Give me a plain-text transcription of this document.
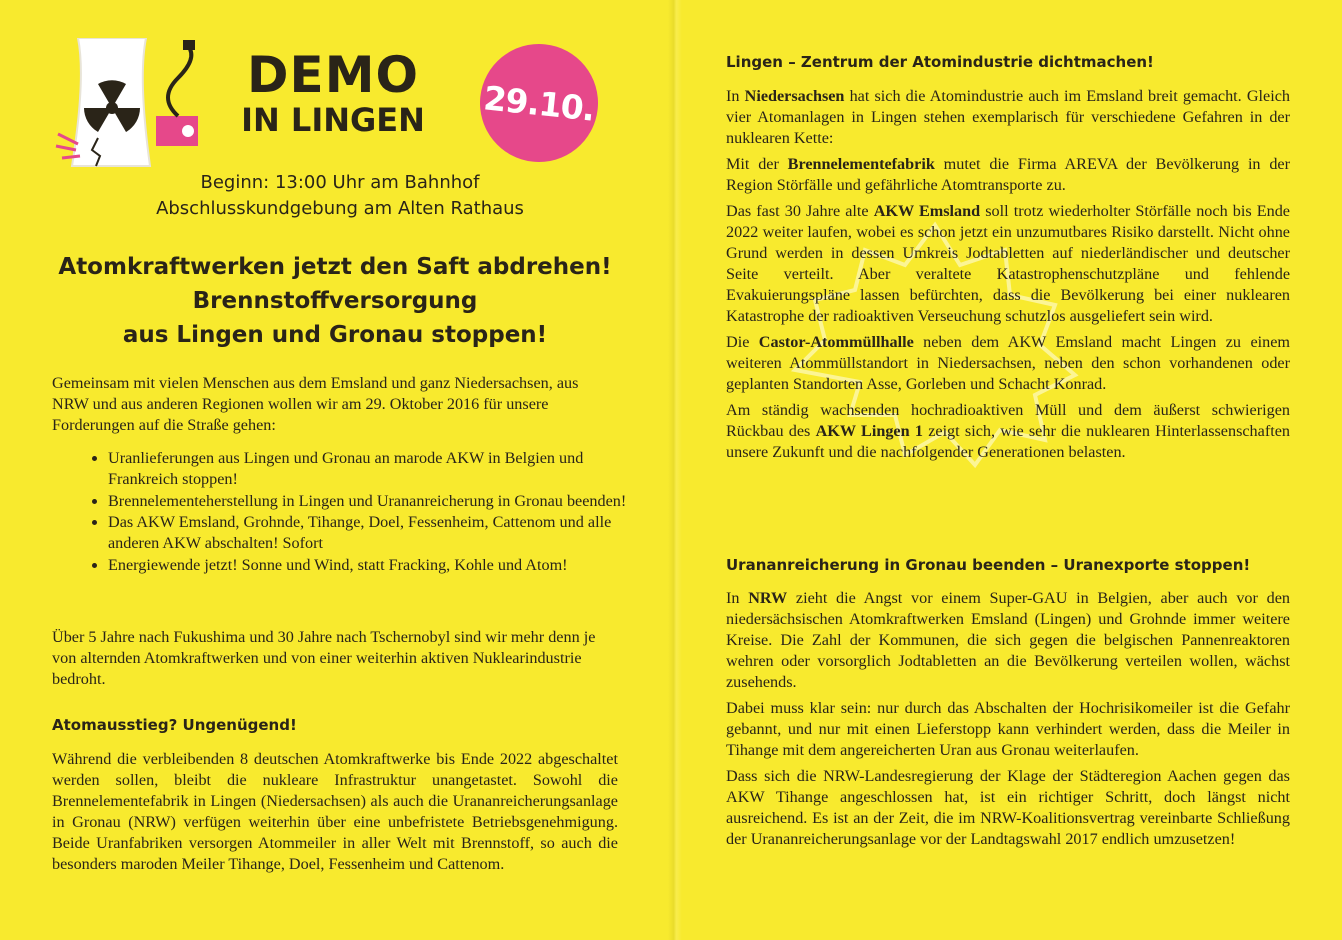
DEMO
IN LINGEN 29.10.
Beginn: 13:00 Uhr am Bahnhof
Abschlusskundgebung am Alten Rathaus
Atomkraftwerken jetzt den Saft abdrehen!
Brennstoffversorgung
aus Lingen und Gronau stoppen!
Gemeinsam mit vielen Menschen aus dem Emsland und ganz Niedersachsen, aus NRW und aus anderen Regionen wollen wir am 29. Oktober 2016 für unsere Forderungen auf die Straße gehen:
• Uranlieferungen aus Lingen und Gronau an marode AKW in Belgien und Frankreich stoppen!
• Brennelementeherstellung in Lingen und Urananreicherung in Gronau beenden!
• Das AKW Emsland, Grohnde, Tihange, Doel, Fessenheim, Cattenom und alle anderen AKW abschalten! Sofort
• Energiewende jetzt! Sonne und Wind, statt Fracking, Kohle und Atom!
Über 5 Jahre nach Fukushima und 30 Jahre nach Tschernobyl sind wir mehr denn je von alternden Atomkraftwerken und von einer weiterhin aktiven Nuklearindustrie bedroht.
Atomausstieg? Ungenügend!
Während die verbleibenden 8 deutschen Atomkraftwerke bis Ende 2022 abgeschaltet werden sollen, bleibt die nukleare Infrastruktur unangetastet. Sowohl die Brennelementefabrik in Lingen (Niedersachsen) als auch die Urananreicherungsanlage in Gronau (NRW) verfügen weiterhin über eine unbefristete Betriebsgenehmigung. Beide Uranfabriken versorgen Atommeiler in aller Welt mit Brennstoff, so auch die besonders maroden Meiler Tihange, Doel, Fessenheim und Cattenom.
Lingen – Zentrum der Atomindustrie dichtmachen!

In Niedersachsen hat sich die Atomindustrie auch im Emsland breit gemacht. Gleich vier Atomanlagen in Lingen stehen exemplarisch für verschiedene Gefahren in der nuklearen Kette:

Mit der Brennelementefabrik mutet die Firma AREVA der Bevölkerung in der Region Störfälle und gefährliche Atomtransporte zu.

Das fast 30 Jahre alte AKW Emsland soll trotz wiederholter Störfälle noch bis Ende 2022 weiter laufen, wobei es schon jetzt ein unzumutbares Risiko darstellt. Nicht ohne Grund werden in dessen Umkreis Jodtabletten auf niederländischer und deutscher Seite verteilt. Aber veraltete Katastrophenschutzpläne und fehlende Evakuierungspläne lassen befürchten, dass die Bevölkerung bei einer nuklearen Katastrophe der radioaktiven Verseuchung schutzlos ausgeliefert sein wird.

Die Castor-Atommüllhalle neben dem AKW Emsland macht Lingen zu einem weiteren Atommüllstandort in Niedersachsen, neben den schon vorhandenen oder geplanten Standorten Asse, Gorleben und Schacht Konrad.

Am ständig wachsenden hochradioaktiven Müll und dem äußerst schwierigen Rückbau des AKW Lingen 1 zeigt sich, wie sehr die nuklearen Hinterlassenschaften unsere Zukunft und die nachfolgender Generationen belasten.

Urananreicherung in Gronau beenden – Uranexporte stoppen!

In NRW zieht die Angst vor einem Super-GAU in Belgien, aber auch vor den niedersächsischen Atomkraftwerken Emsland (Lingen) und Grohnde immer weitere Kreise. Die Zahl der Kommunen, die sich gegen die belgischen Pannenreaktoren wehren oder vorsorglich Jodtabletten an die Bevölkerung verteilen wollen, wächst zusehends.

Dabei muss klar sein: nur durch das Abschalten der Hochrisikomeiler ist die Gefahr gebannt, und nur mit einen Lieferstopp kann verhindert werden, dass die Meiler in Tihange mit dem angereicherten Uran aus Gronau weiterlaufen.

Dass sich die NRW-Landesregierung der Klage der Städteregion Aachen gegen das AKW Tihange angeschlossen hat, ist ein richtiger Schritt, doch längst nicht ausreichend. Es ist an der Zeit, die im NRW-Koalitionsvertrag vereinbarte Schließung der Urananreicherungsanlage vor der Landtagswahl 2017 endlich umzusetzen!
